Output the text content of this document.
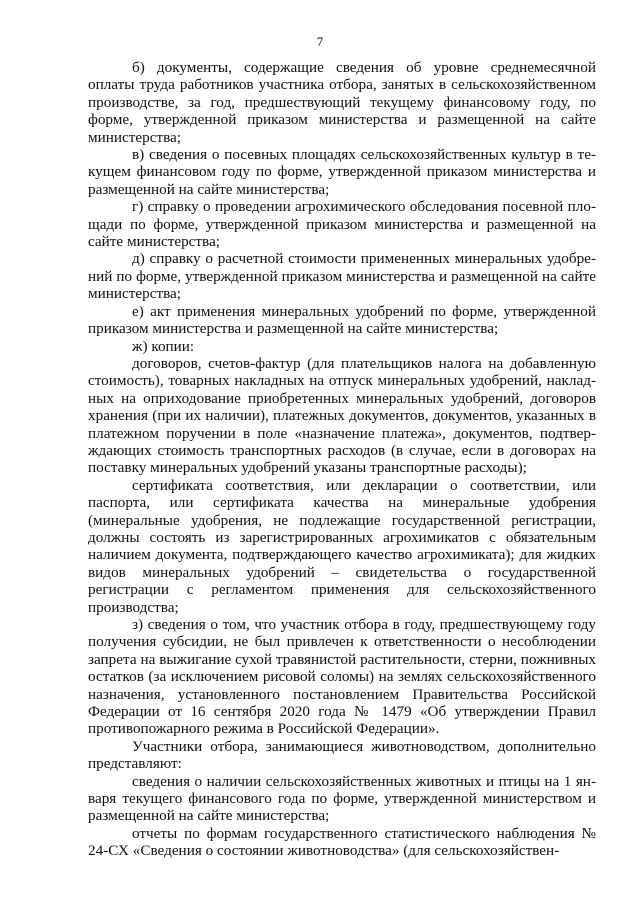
7

б) документы, содержащие сведения об уровне среднемесячной оплаты труда работников участника отбора, занятых в сельскохозяйственном производстве, за год, предшествующий текущему финансовому году, по форме, утвержденной приказом министерства и размещенной на сайте министерства;

в) сведения о посевных площадях сельскохозяйственных культур в текущем финансовом году по форме, утвержденной приказом министерства и размещенной на сайте министерства;

г) справку о проведении агрохимического обследования посевной площади по форме, утвержденной приказом министерства и размещенной на сайте министерства;

д) справку о расчетной стоимости примененных минеральных удобрений по форме, утвержденной приказом министерства и размещенной на сайте министерства;

е) акт применения минеральных удобрений по форме, утвержденной приказом министерства и размещенной на сайте министерства;

ж) копии:

договоров, счетов-фактур (для плательщиков налога на добавленную стоимость), товарных накладных на отпуск минеральных удобрений, накладных на оприходование приобретенных минеральных удобрений, договоров хранения (при их наличии), платежных документов, документов, указанных в платежном поручении в поле «назначение платежа», документов, подтверждающих стоимость транспортных расходов (в случае, если в договорах на поставку минеральных удобрений указаны транспортные расходы);

сертификата соответствия, или декларации о соответствии, или паспорта, или сертификата качества на минеральные удобрения (минеральные удобрения, не подлежащие государственной регистрации, должны состоять из зарегистрированных агрохимикатов с обязательным наличием документа, подтверждающего качество агрохимиката); для жидких видов минеральных удобрений – свидетельства о государственной регистрации с регламентом применения для сельскохозяйственного производства;

з) сведения о том, что участник отбора в году, предшествующему году получения субсидии, не был привлечен к ответственности о несоблюдении запрета на выжигание сухой травянистой растительности, стерни, пожнивных остатков (за исключением рисовой соломы) на землях сельскохозяйственного назначения, установленного постановлением Правительства Российской Федерации от 16 сентября 2020 года № 1479 «Об утверждении Правил противопожарного режима в Российской Федерации».

Участники отбора, занимающиеся животноводством, дополнительно представляют:

сведения о наличии сельскохозяйственных животных и птицы на 1 января текущего финансового года по форме, утвержденной министерством и размещенной на сайте министерства;

отчеты по формам государственного статистического наблюдения № 24-СХ «Сведения о состоянии животноводства» (для сельскохозяйствен-
